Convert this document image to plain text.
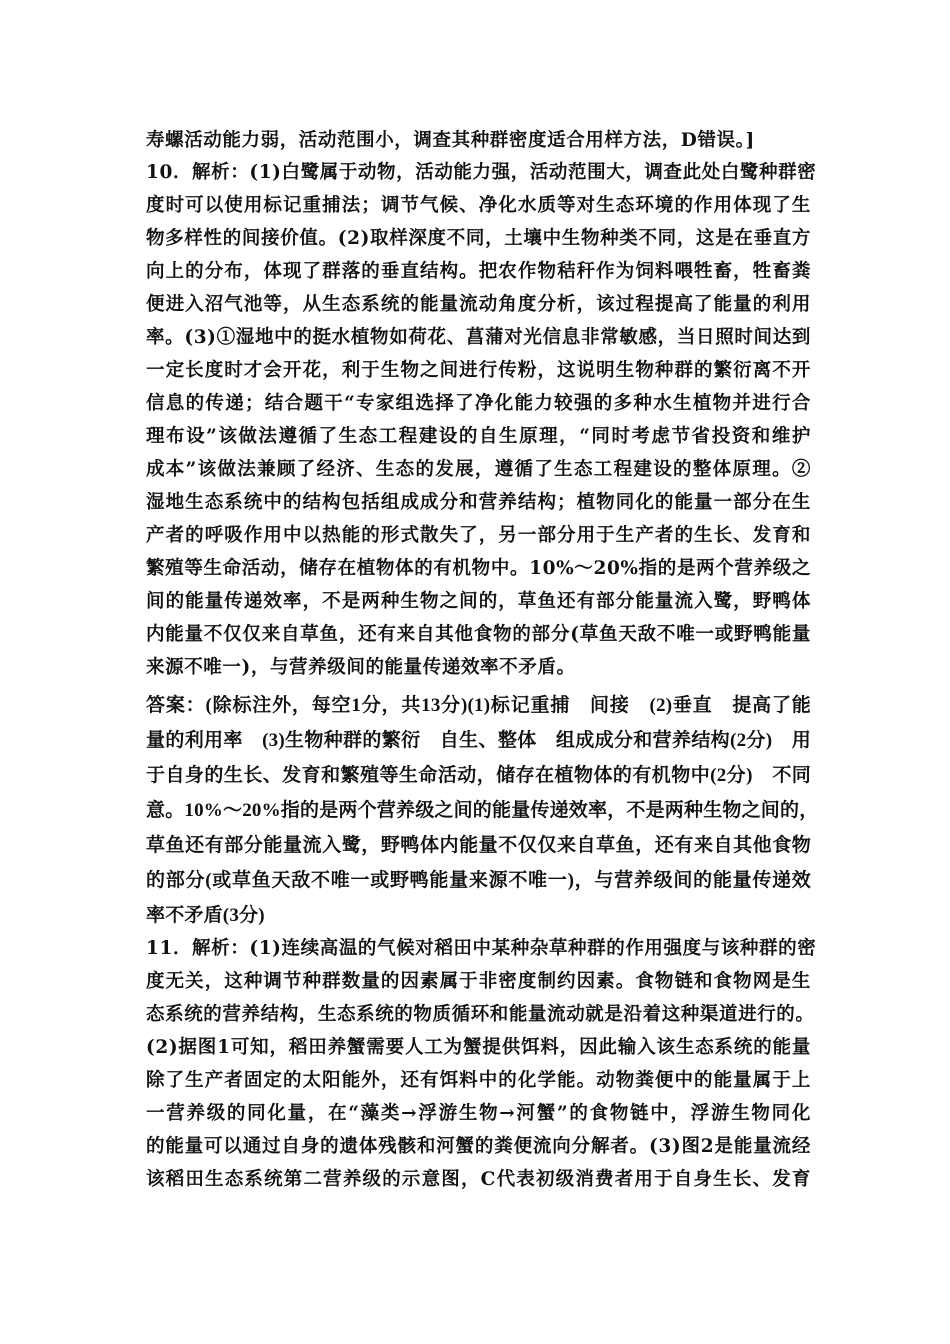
寿螺活动能力弱，活动范围小，调查其种群密度适合用样方法，D错误。]
10．解析：(1)白鹭属于动物，活动能力强，活动范围大，调查此处白鹭种群密
度时可以使用标记重捕法；调节气候、净化水质等对生态环境的作用体现了生
物多样性的间接价值。(2)取样深度不同，土壤中生物种类不同，这是在垂直方
向上的分布，体现了群落的垂直结构。把农作物秸秆作为饲料喂牲畜，牲畜粪
便进入沼气池等，从生态系统的能量流动角度分析，该过程提高了能量的利用
率。(3)①湿地中的挺水植物如荷花、菖蒲对光信息非常敏感，当日照时间达到
一定长度时才会开花，利于生物之间进行传粉，这说明生物种群的繁衍离不开
信息的传递；结合题干“专家组选择了净化能力较强的多种水生植物并进行合
理布设”该做法遵循了生态工程建设的自生原理，“同时考虑节省投资和维护
成本”该做法兼顾了经济、生态的发展，遵循了生态工程建设的整体原理。②
湿地生态系统中的结构包括组成成分和营养结构；植物同化的能量一部分在生
产者的呼吸作用中以热能的形式散失了，另一部分用于生产者的生长、发育和
繁殖等生命活动，储存在植物体的有机物中。10%～20%指的是两个营养级之
间的能量传递效率，不是两种生物之间的，草鱼还有部分能量流入鹭，野鸭体
内能量不仅仅来自草鱼，还有来自其他食物的部分(草鱼天敌不唯一或野鸭能量
来源不唯一)，与营养级间的能量传递效率不矛盾。
答案：(除标注外，每空1分，共13分)(1)标记重捕　间接　(2)垂直　提高了能
量的利用率　(3)生物种群的繁衍　自生、整体　组成成分和营养结构(2分)　用
于自身的生长、发育和繁殖等生命活动，储存在植物体的有机物中(2分)　不同
意。10%～20%指的是两个营养级之间的能量传递效率，不是两种生物之间的，
草鱼还有部分能量流入鹭，野鸭体内能量不仅仅来自草鱼，还有来自其他食物
的部分(或草鱼天敌不唯一或野鸭能量来源不唯一)，与营养级间的能量传递效
率不矛盾(3分)
11．解析：(1)连续高温的气候对稻田中某种杂草种群的作用强度与该种群的密
度无关，这种调节种群数量的因素属于非密度制约因素。食物链和食物网是生
态系统的营养结构，生态系统的物质循环和能量流动就是沿着这种渠道进行的。
(2)据图1可知，稻田养蟹需要人工为蟹提供饵料，因此输入该生态系统的能量
除了生产者固定的太阳能外，还有饵料中的化学能。动物粪便中的能量属于上
一营养级的同化量，在“藻类→浮游生物→河蟹”的食物链中，浮游生物同化
的能量可以通过自身的遗体残骸和河蟹的粪便流向分解者。(3)图2是能量流经
该稻田生态系统第二营养级的示意图，C代表初级消费者用于自身生长、发育
